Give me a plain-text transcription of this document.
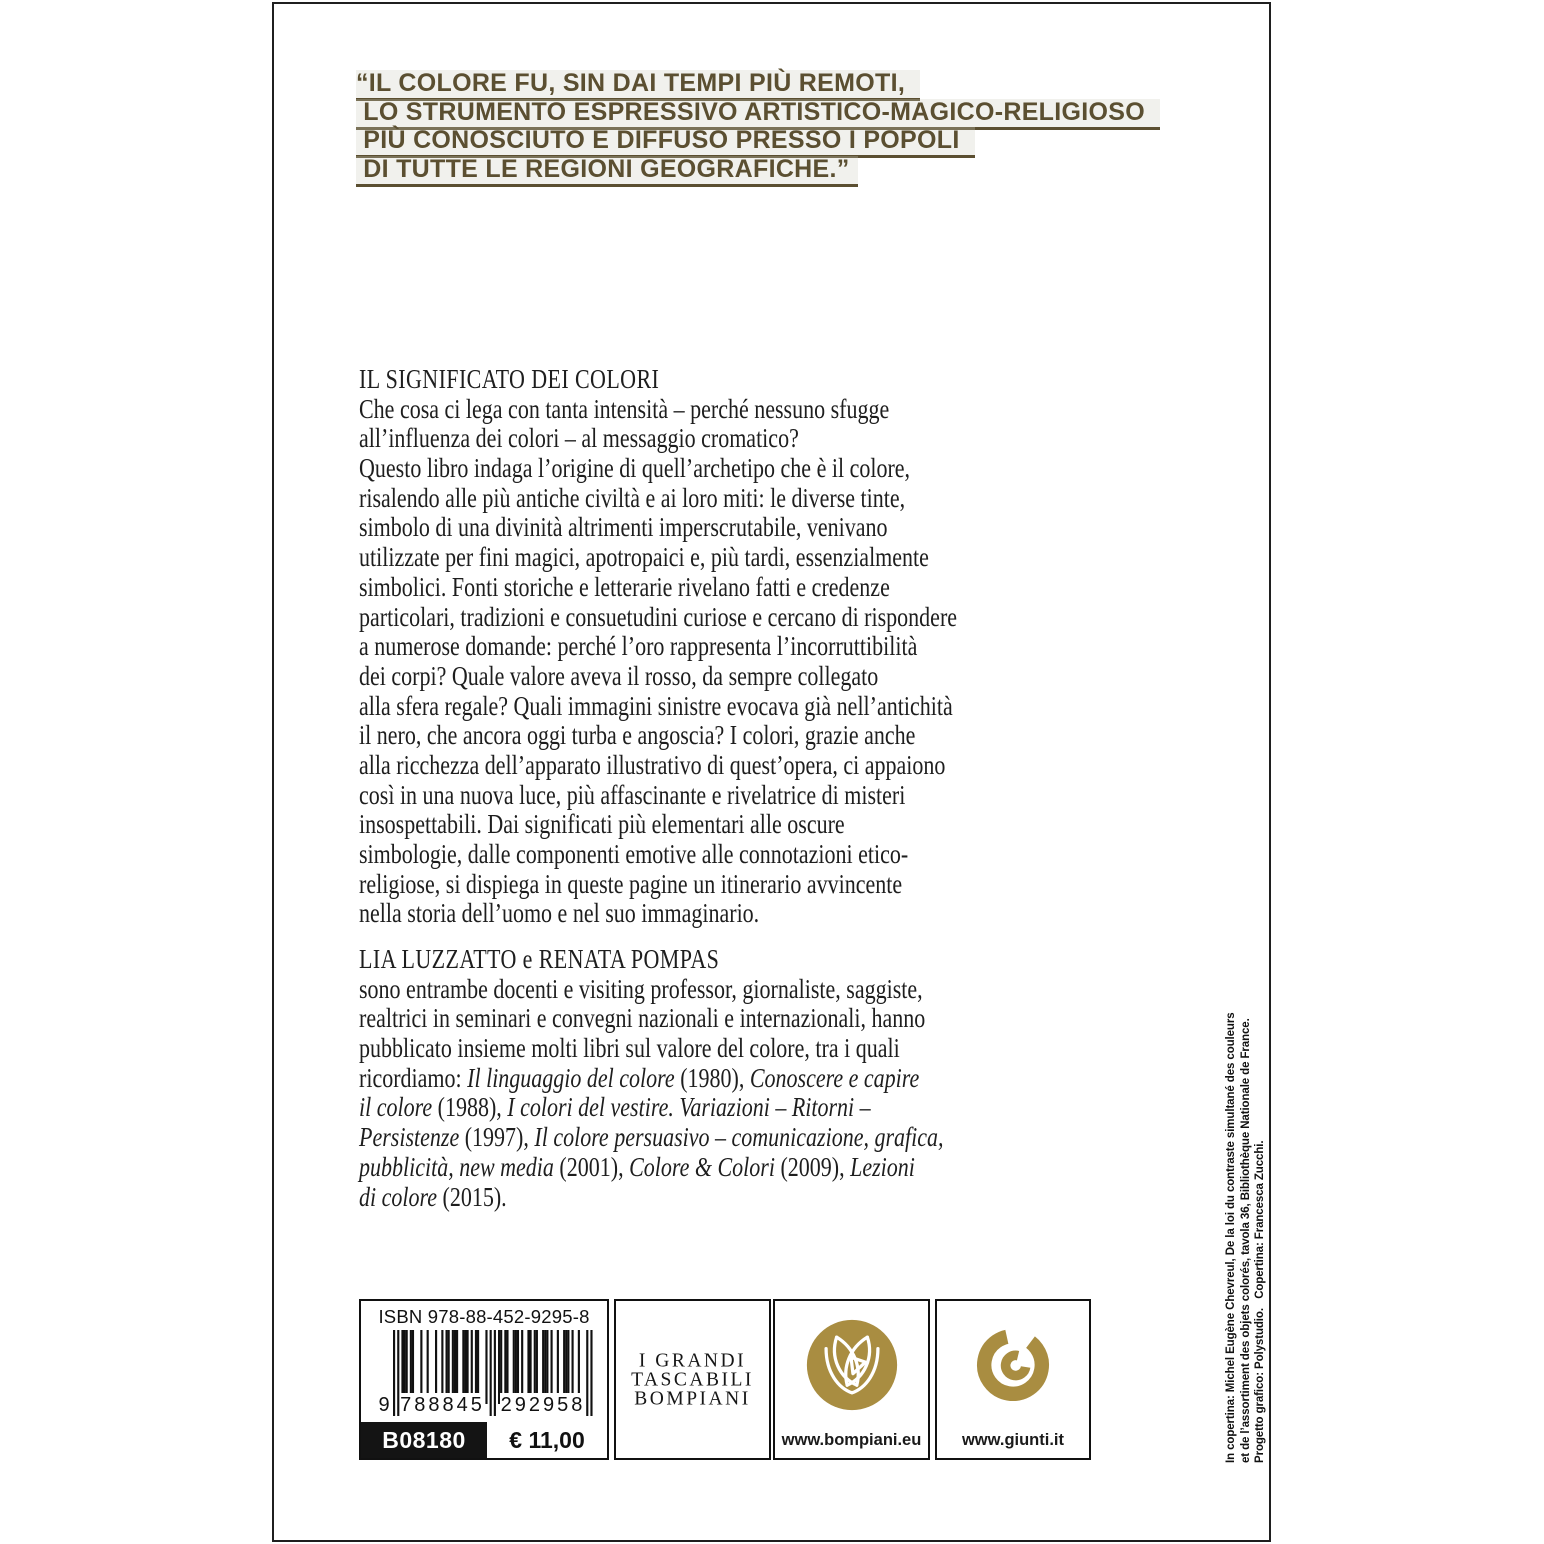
“IL COLORE FU, SIN DAI TEMPI PIÙ REMOTI,
LO STRUMENTO ESPRESSIVO ARTISTICO-MAGICO-RELIGIOSO
PIÙ CONOSCIUTO E DIFFUSO PRESSO I POPOLI
DI TUTTE LE REGIONI GEOGRAFICHE.”
IL SIGNIFICATO DEI COLORI
Che cosa ci lega con tanta intensità – perché nessuno sfugge
all’influenza dei colori – al messaggio cromatico?
Questo libro indaga l’origine di quell’archetipo che è il colore,
risalendo alle più antiche civiltà e ai loro miti: le diverse tinte,
simbolo di una divinità altrimenti imperscrutabile, venivano
utilizzate per fini magici, apotropaici e, più tardi, essenzialmente
simbolici. Fonti storiche e letterarie rivelano fatti e credenze
particolari, tradizioni e consuetudini curiose e cercano di rispondere
a numerose domande: perché l’oro rappresenta l’incorruttibilità
dei corpi? Quale valore aveva il rosso, da sempre collegato
alla sfera regale? Quali immagini sinistre evocava già nell’antichità
il nero, che ancora oggi turba e angoscia? I colori, grazie anche
alla ricchezza dell’apparato illustrativo di quest’opera, ci appaiono
così in una nuova luce, più affascinante e rivelatrice di misteri
insospettabili. Dai significati più elementari alle oscure
simbologie, dalle componenti emotive alle connotazioni etico-
religiose, si dispiega in queste pagine un itinerario avvincente
nella storia dell’uomo e nel suo immaginario.
LIA LUZZATTO e RENATA POMPAS
sono entrambe docenti e visiting professor, giornaliste, saggiste,
realtrici in seminari e convegni nazionali e internazionali, hanno
pubblicato insieme molti libri sul valore del colore, tra i quali
ricordiamo: Il linguaggio del colore (1980), Conoscere e capire
il colore (1988), I colori del vestire. Variazioni – Ritorni –
Persistenze (1997), Il colore persuasivo – comunicazione, grafica,
pubblicità, new media (2001), Colore & Colori (2009), Lezioni
di colore (2015).
ISBN 978-88-452-9295-8
9 788845 292958
B08180	€ 11,00
I GRANDI
TASCABILI
BOMPIANI
www.bompiani.eu	www.giunti.it	In copertina: Michel Eugène Chevreul, De la loi du contraste simultané des couleurs et de l’assortiment des objets colorés, tavola 36, Bibliothèque Nationale de France. Progetto grafico: Polystudio.   Copertina: Francesca Zucchi.
